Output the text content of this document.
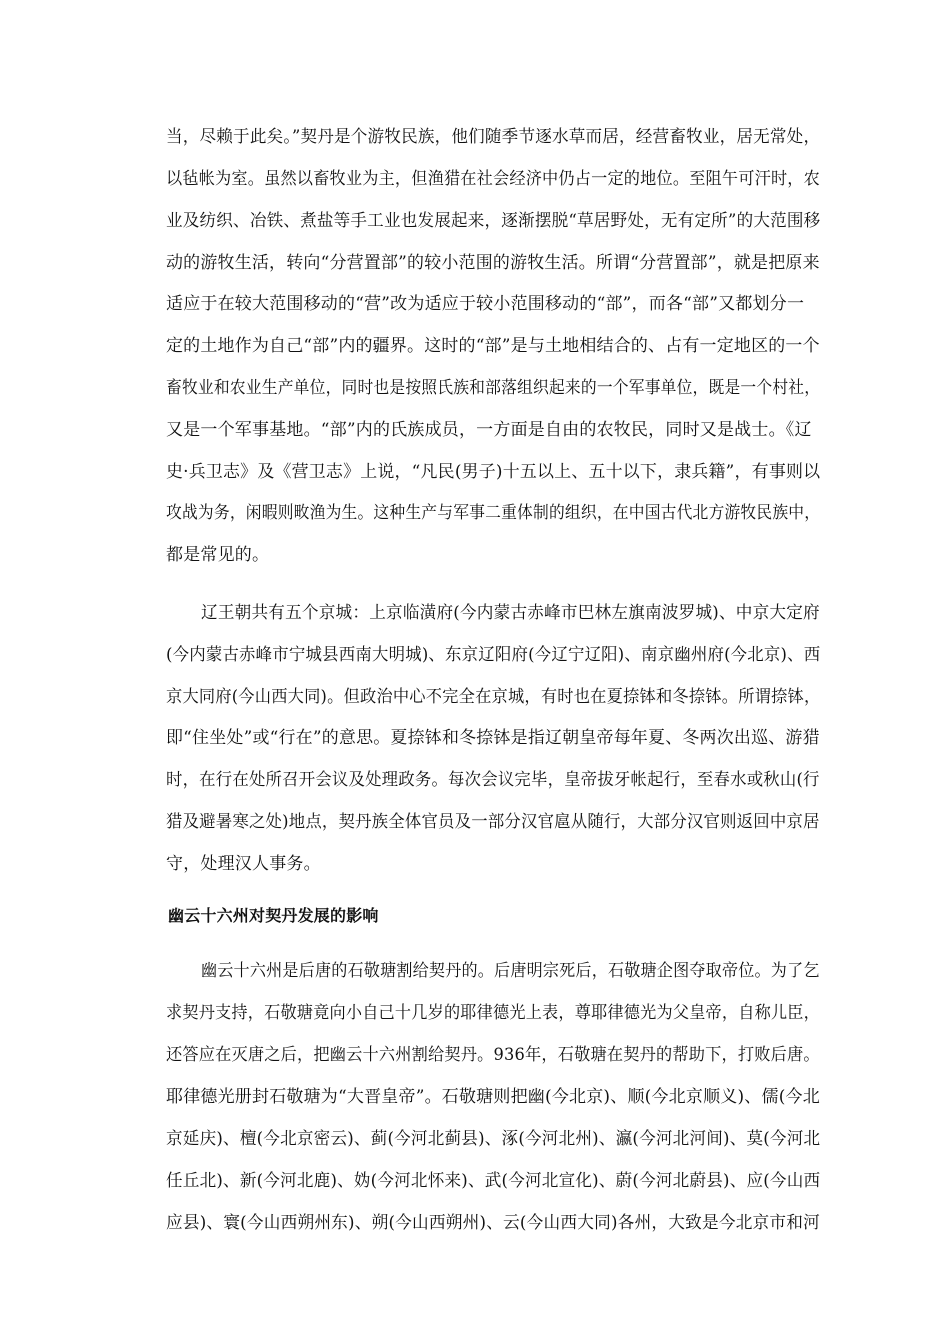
当，尽赖于此矣。”契丹是个游牧民族，他们随季节逐水草而居，经营畜牧业，居无常处，
以毡帐为室。虽然以畜牧业为主，但渔猎在社会经济中仍占一定的地位。至阻午可汗时，农
业及纺织、冶铁、煮盐等手工业也发展起来，逐渐摆脱“草居野处，无有定所”的大范围移
动的游牧生活，转向“分营置部”的较小范围的游牧生活。所谓“分营置部”，就是把原来
适应于在较大范围移动的“营”改为适应于较小范围移动的“部”，而各“部”又都划分一
定的土地作为自己“部”内的疆界。这时的“部”是与土地相结合的、占有一定地区的一个
畜牧业和农业生产单位，同时也是按照氏族和部落组织起来的一个军事单位，既是一个村社，
又是一个军事基地。“部”内的氏族成员，一方面是自由的农牧民，同时又是战士。《辽
史·兵卫志》及《营卫志》上说，“凡民(男子)十五以上、五十以下，隶兵籍”，有事则以
攻战为务，闲暇则畋渔为生。这种生产与军事二重体制的组织，在中国古代北方游牧民族中，
都是常见的。
辽王朝共有五个京城：上京临潢府(今内蒙古赤峰市巴林左旗南波罗城)、中京大定府
(今内蒙古赤峰市宁城县西南大明城)、东京辽阳府(今辽宁辽阳)、南京幽州府(今北京)、西
京大同府(今山西大同)。但政治中心不完全在京城，有时也在夏捺钵和冬捺钵。所谓捺钵，
即“住坐处”或“行在”的意思。夏捺钵和冬捺钵是指辽朝皇帝每年夏、冬两次出巡、游猎
时，在行在处所召开会议及处理政务。每次会议完毕，皇帝拔牙帐起行，至春水或秋山(行
猎及避暑寒之处)地点，契丹族全体官员及一部分汉官扈从随行，大部分汉官则返回中京居
守，处理汉人事务。
幽云十六州对契丹发展的影响
幽云十六州是后唐的石敬瑭割给契丹的。后唐明宗死后，石敬瑭企图夺取帝位。为了乞
求契丹支持，石敬瑭竟向小自己十几岁的耶律德光上表，尊耶律德光为父皇帝，自称儿臣，
还答应在灭唐之后，把幽云十六州割给契丹。936年，石敬瑭在契丹的帮助下，打败后唐。
耶律德光册封石敬瑭为“大晋皇帝”。石敬瑭则把幽(今北京)、顺(今北京顺义)、儒(今北
京延庆)、檀(今北京密云)、蓟(今河北蓟县)、涿(今河北州)、瀛(今河北河间)、莫(今河北
任丘北)、新(今河北鹿)、妫(今河北怀来)、武(今河北宣化)、蔚(今河北蔚县)、应(今山西
应县)、寰(今山西朔州东)、朔(今山西朔州)、云(今山西大同)各州，大致是今北京市和河
